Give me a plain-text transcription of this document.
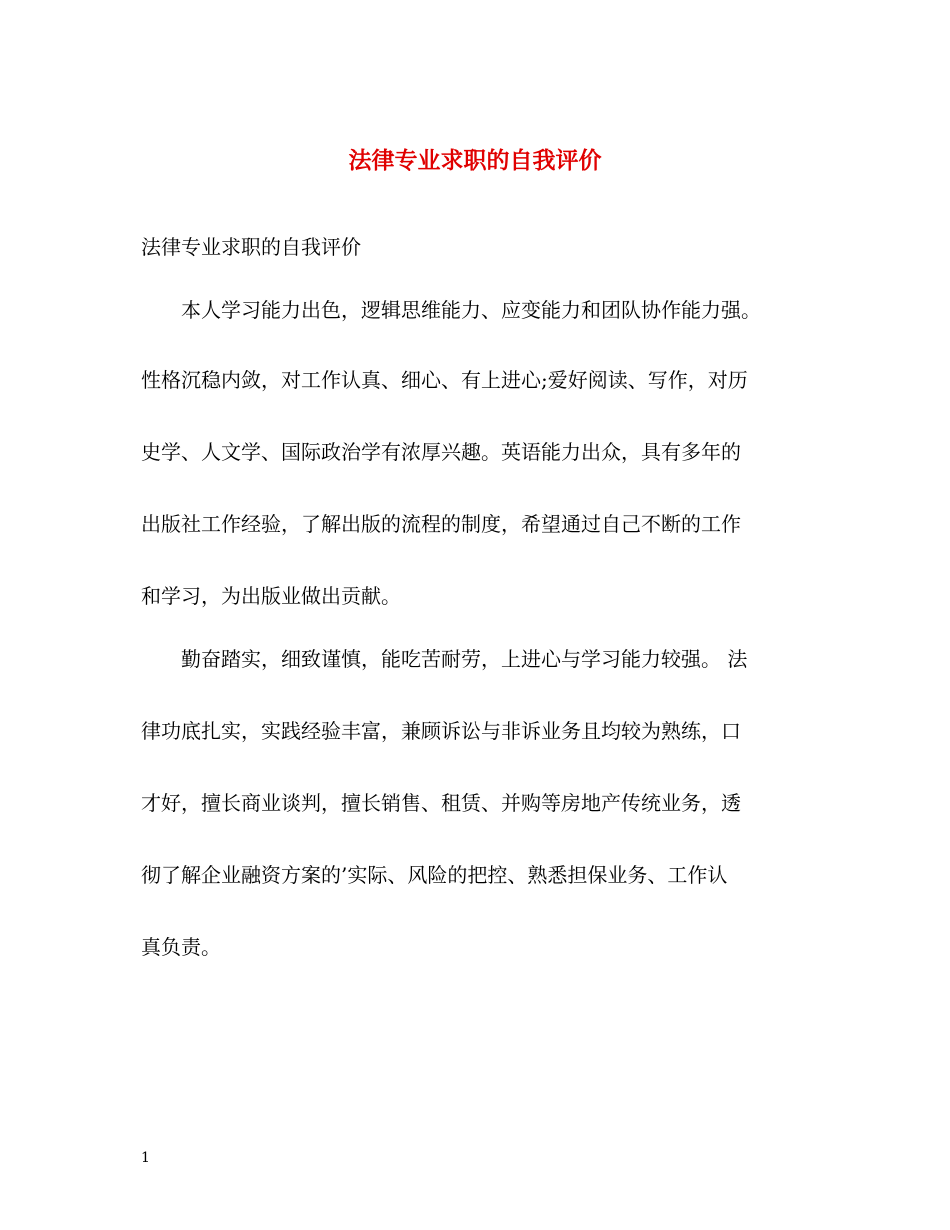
法律专业求职的自我评价
法律专业求职的自我评价
本人学习能力出色，逻辑思维能力、应变能力和团队协作能力强。
性格沉稳内敛，对工作认真、细心、有上进心;爱好阅读、写作，对历
史学、人文学、国际政治学有浓厚兴趣。英语能力出众，具有多年的
出版社工作经验，了解出版的流程的制度，希望通过自己不断的工作
和学习，为出版业做出贡献。
勤奋踏实，细致谨慎，能吃苦耐劳，上进心与学习能力较强。 法
律功底扎实，实践经验丰富，兼顾诉讼与非诉业务且均较为熟练，口
才好，擅长商业谈判，擅长销售、租赁、并购等房地产传统业务，透
彻了解企业融资方案的’实际、风险的把控、熟悉担保业务、工作认
真负责。
1
